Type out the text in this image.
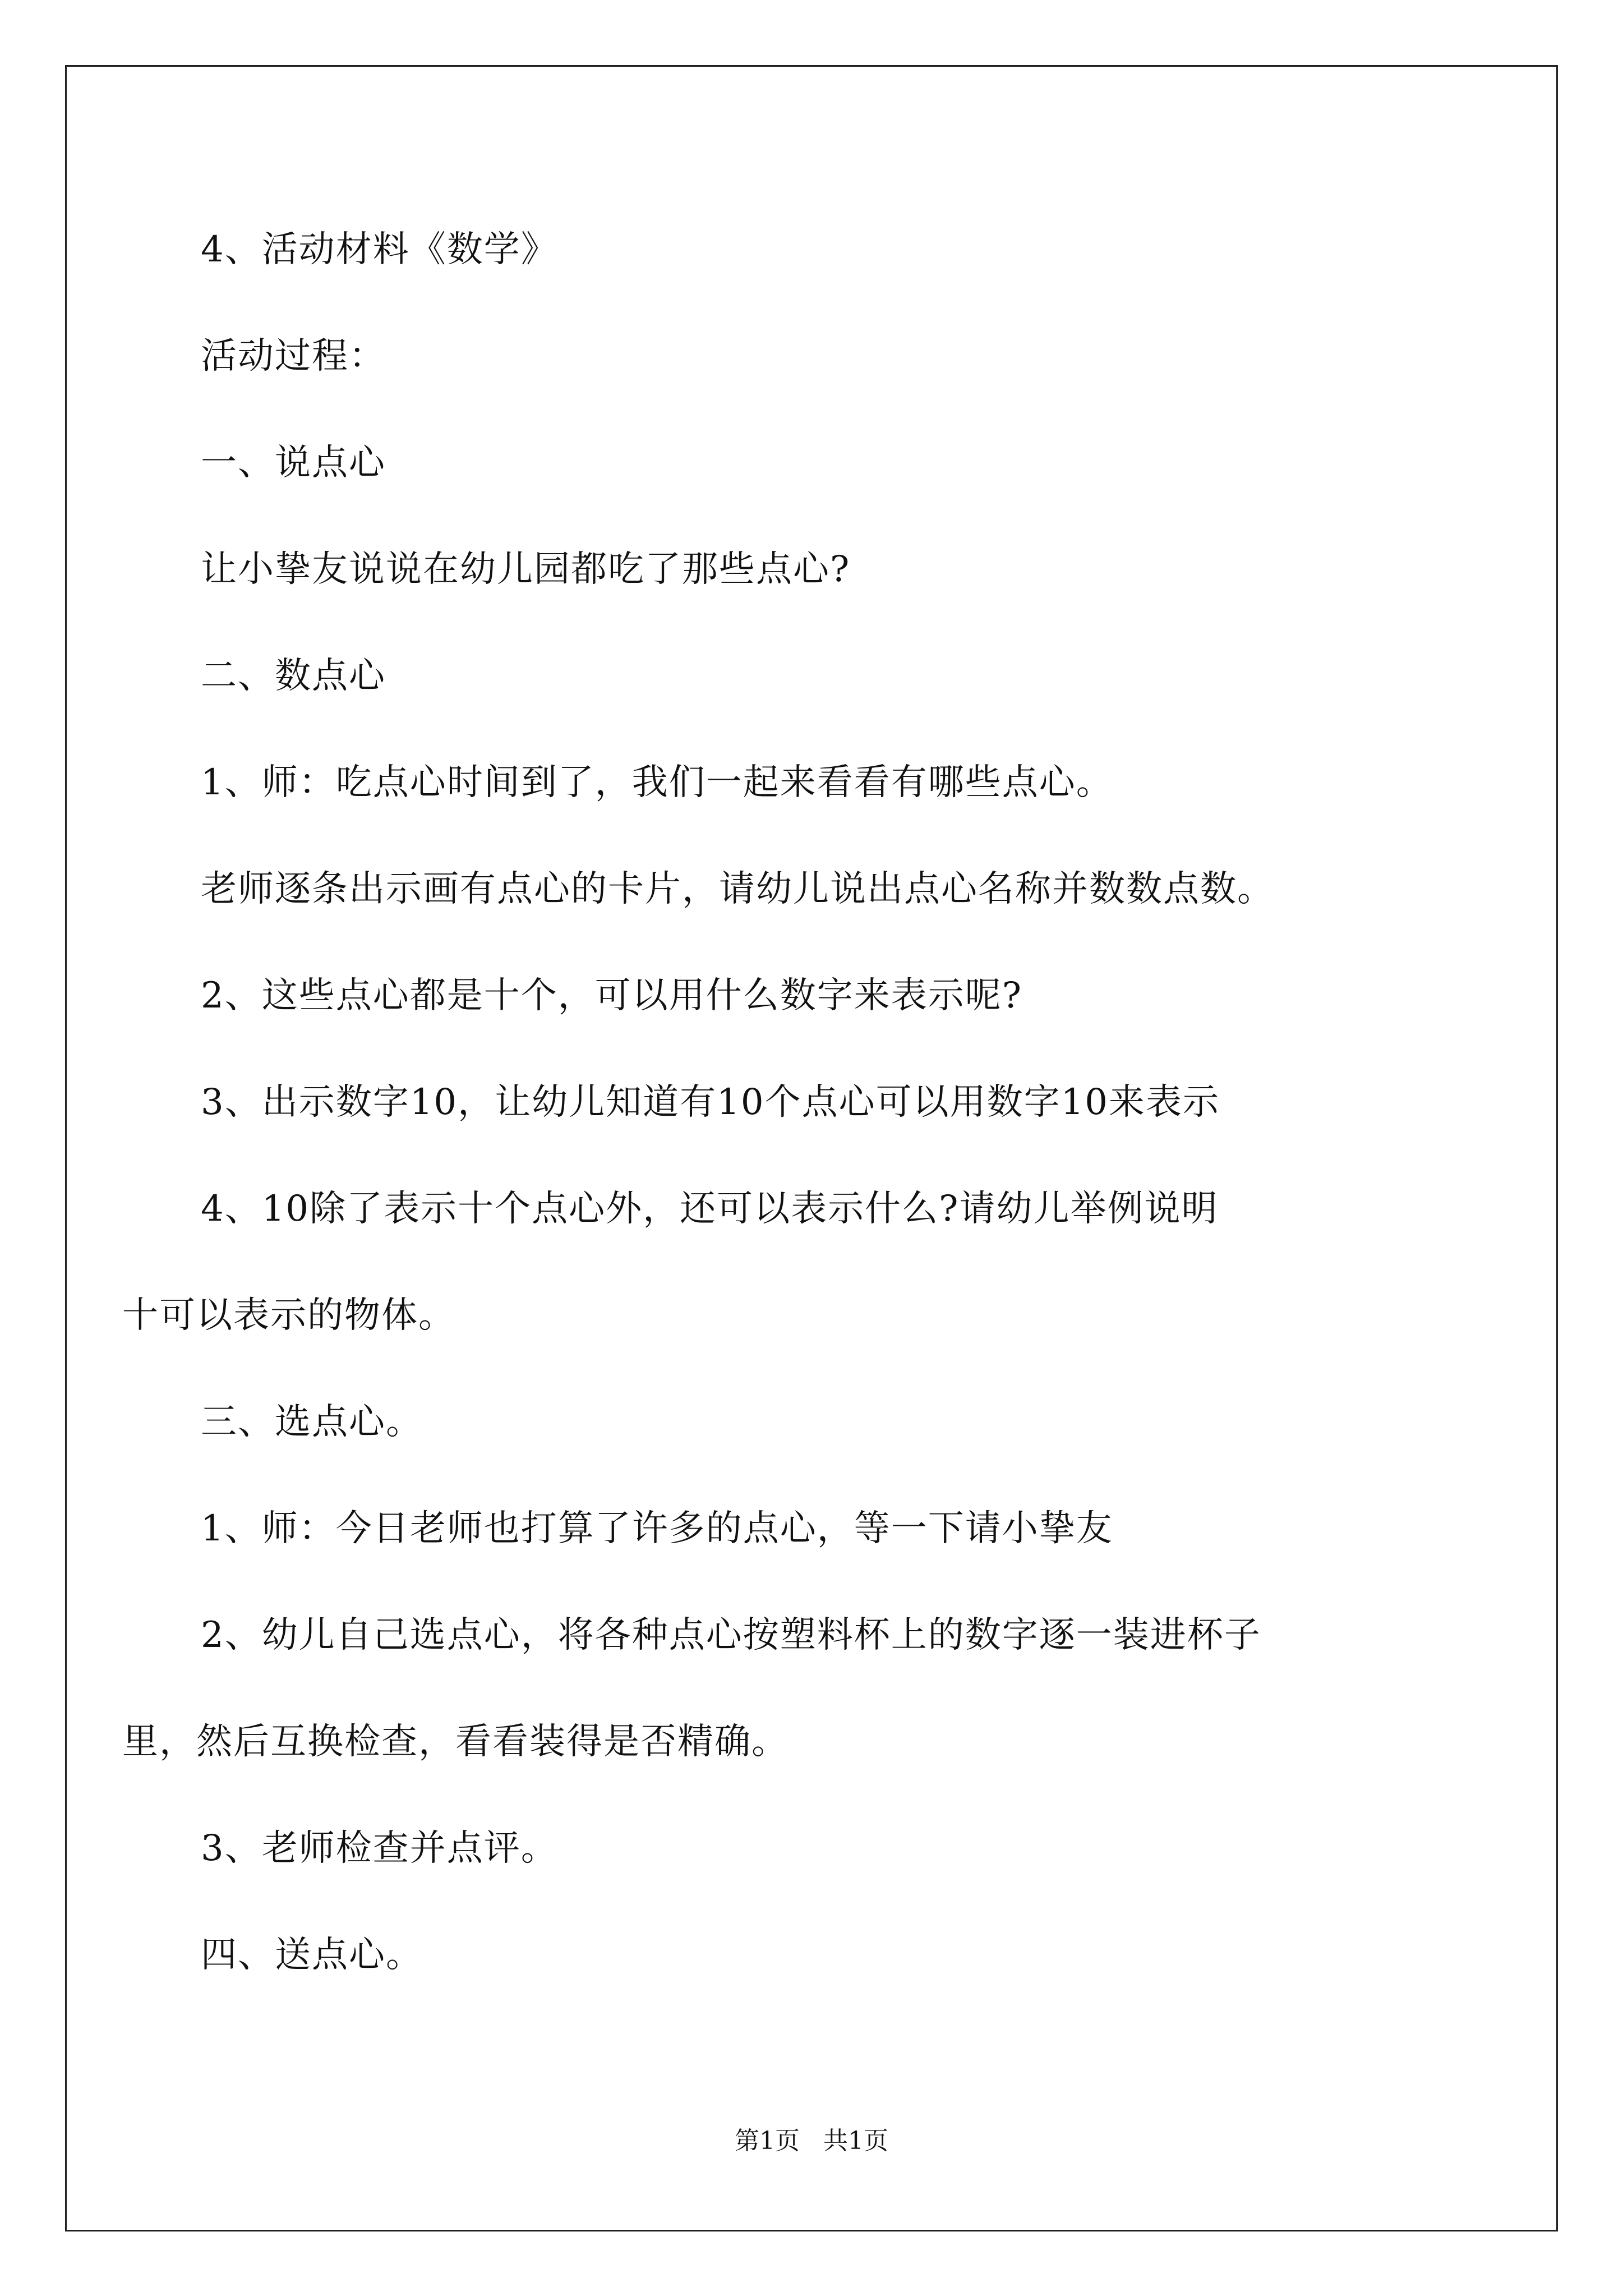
4、活动材料《数学》
活动过程：
一、说点心
让小挚友说说在幼儿园都吃了那些点心?
二、数点心
1、师：吃点心时间到了，我们一起来看看有哪些点心。
老师逐条出示画有点心的卡片，请幼儿说出点心名称并数数点数。
2、这些点心都是十个，可以用什么数字来表示呢?
3、出示数字10，让幼儿知道有10个点心可以用数字10来表示
4、10除了表示十个点心外，还可以表示什么?请幼儿举例说明
十可以表示的物体。
三、选点心。
1、师：今日老师也打算了许多的点心，等一下请小挚友
2、幼儿自己选点心，将各种点心按塑料杯上的数字逐一装进杯子
里，然后互换检查，看看装得是否精确。
3、老师检查并点评。
四、送点心。
第1页 共1页
